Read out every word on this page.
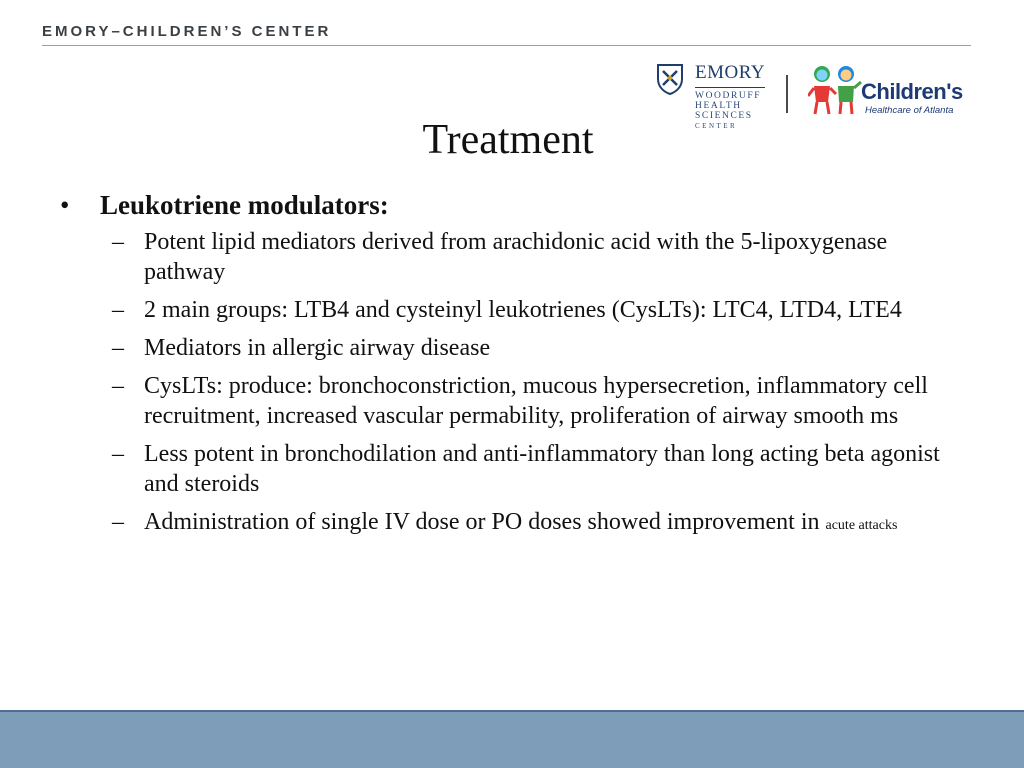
EMORY–CHILDREN’S CENTER
EMORY
WOODRUFF
HEALTH
SCIENCES
CENTER
Children's
Healthcare of Atlanta
Treatment
•	Leukotriene modulators:
– Potent lipid mediators derived from arachidonic acid with the 5-lipoxygenase pathway
– 2 main groups: LTB4 and cysteinyl leukotrienes (CysLTs): LTC4, LTD4, LTE4
– Mediators in allergic airway disease
– CysLTs: produce: bronchoconstriction, mucous hypersecretion, inflammatory cell recruitment, increased vascular permability, proliferation of airway smooth ms
– Less potent in bronchodilation and anti-inflammatory than long acting beta agonist and steroids
– Administration of single IV dose or PO doses showed improvement in acute attacks
